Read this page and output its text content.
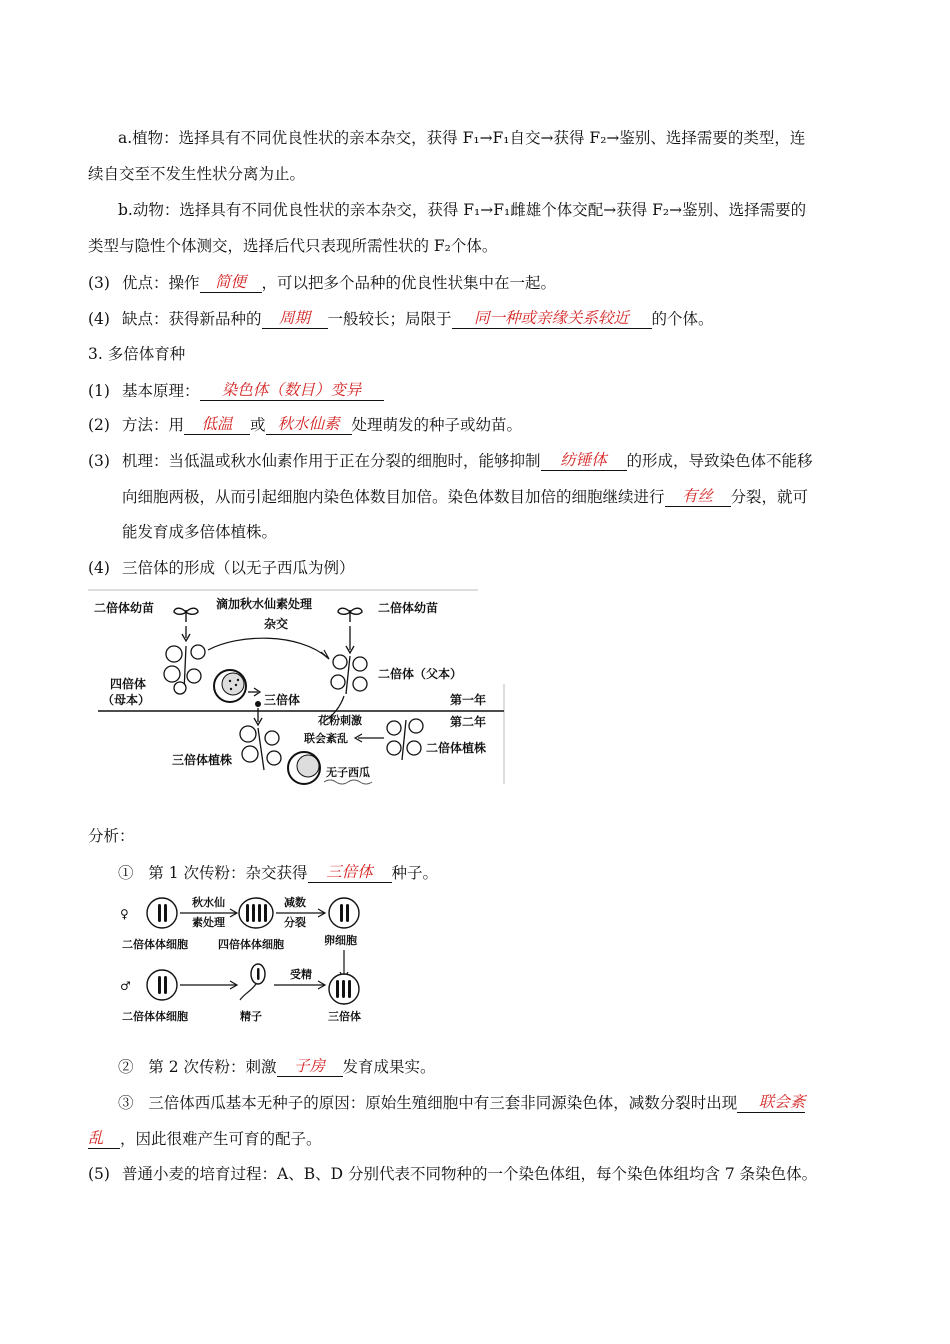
a.植物：选择具有不同优良性状的亲本杂交，获得 F₁→F₁自交→获得 F₂→鉴别、选择需要的类型，连
续自交至不发生性状分离为止。
b.动物：选择具有不同优良性状的亲本杂交，获得 F₁→F₁雌雄个体交配→获得 F₂→鉴别、选择需要的
类型与隐性个体测交，选择后代只表现所需性状的 F₂个体。
(3) 优点：操作 简便 ，可以把多个品种的优良性状集中在一起。
(4) 缺点：获得新品种的 周期 一般较长；局限于 同一种或亲缘关系较近 的个体。
3. 多倍体育种
(1) 基本原理： 染色体（数目）变异
(2) 方法：用 低温 或 秋水仙素 处理萌发的种子或幼苗。
(3) 机理：当低温或秋水仙素作用于正在分裂的细胞时，能够抑制 纺锤体 的形成，导致染色体不能移
向细胞两极，从而引起细胞内染色体数目加倍。染色体数目加倍的细胞继续进行 有丝 分裂，就可
能发育成多倍体植株。
(4) 三倍体的形成（以无子西瓜为例）
二倍体幼苗	滴加秋水仙素处理
杂交
二倍体幼苗
四倍体
（母本）	三倍体
二倍体（父本）
第一年
第二年
三倍体植株
花粉刺激
联会紊乱
二倍体植株
无子西瓜
分析：
① 第 1 次传粉：杂交获得 三倍体 种子。
♀
秋水仙
素处理
减数
分裂
二倍体体细胞	四倍体体细胞	卵细胞
♂
受精
二倍体体细胞	精子	三倍体
② 第 2 次传粉：刺激 子房 发育成果实。
③ 三倍体西瓜基本无种子的原因：原始生殖细胞中有三套非同源染色体，减数分裂时出现 联会紊
乱 ，因此很难产生可育的配子。
(5) 普通小麦的培育过程：A、B、D 分别代表不同物种的一个染色体组，每个染色体组均含 7 条染色体。
